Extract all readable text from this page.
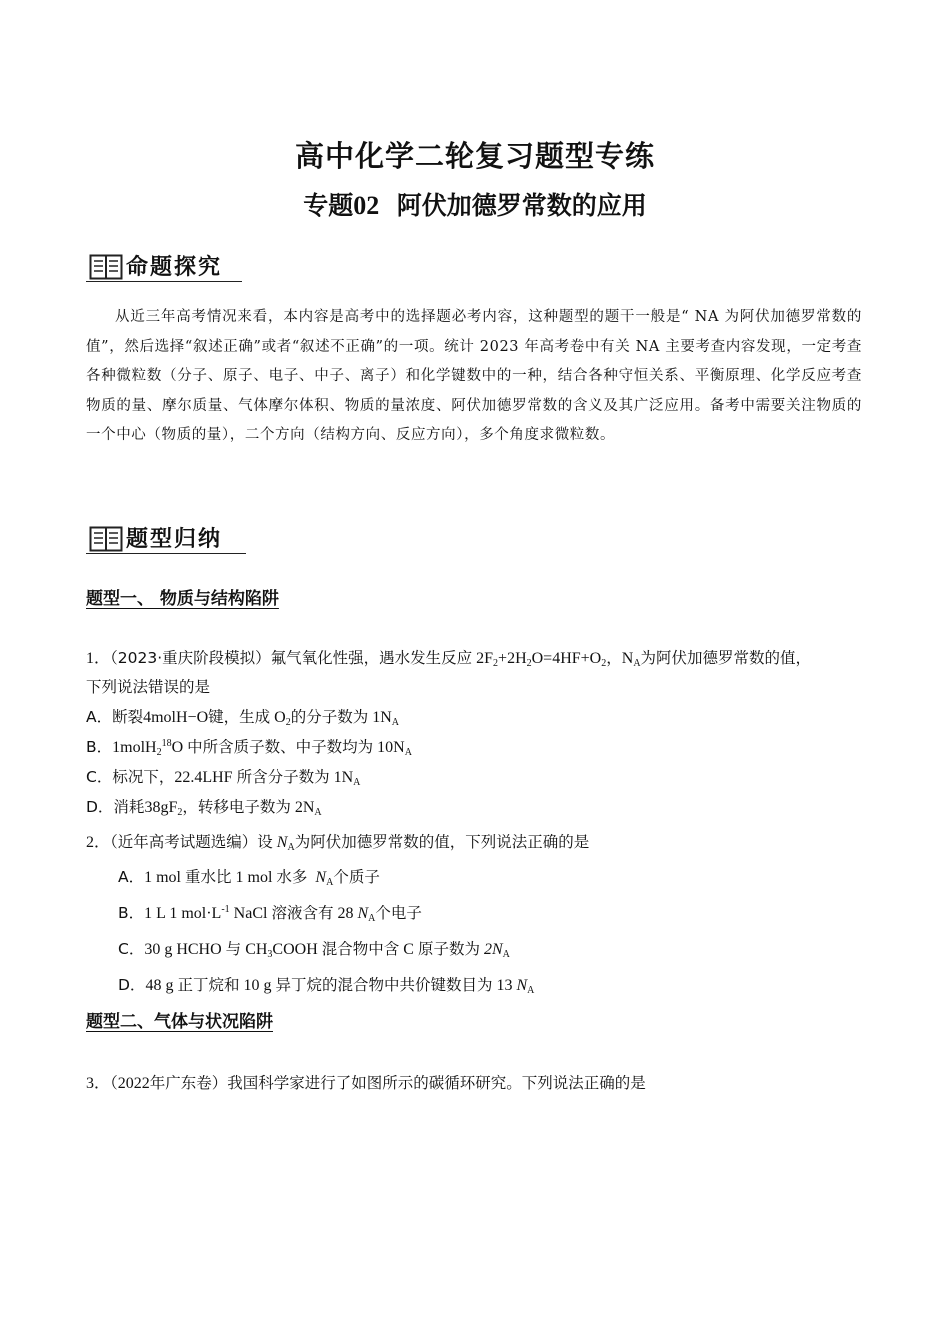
高中化学二轮复习题型专练
专题02 阿伏加德罗常数的应用
命题探究
从近三年高考情况来看，本内容是高考中的选择题必考内容，这种题型的题干一般是“ NA 为阿伏加德罗常数的值”，然后选择“叙述正确”或者“叙述不正确”的一项。统计 2023 年高考卷中有关 NA 主要考查内容发现，一定考查各种微粒数（分子、原子、电子、中子、离子）和化学键数中的一种，结合各种守恒关系、平衡原理、化学反应考查物质的量、摩尔质量、气体摩尔体积、物质的量浓度、阿伏加德罗常数的含义及其广泛应用。备考中需要关注物质的一个中心（物质的量），二个方向（结构方向、反应方向），多个角度求微粒数。
题型归纳
题型一、 物质与结构陷阱
1．（2023·重庆阶段模拟）氟气氧化性强，遇水发生反应 $2F_2+2H_2O=4HF+O_2$，$N_A$为阿伏加德罗常数的值，
下列说法错误的是
A．断裂4molH−O键，生成 $O_2$的分子数为 $1N_A$
B．1molH$_2^{18}$O 中所含质子数、中子数均为 $10N_A$
C．标况下，22.4LHF 所含分子数为 $1N_A$
D．消耗$38gF_2$，转移电子数为 $2N_A$
2．（近年高考试题选编）设 $N_A$为阿伏加德罗常数的值，下列说法正确的是
A．1 mol 重水比 1 mol 水多 $N_A$个质子
B．1 L 1 $mol\cdot L^{-1}$ NaCl 溶液含有 28 $N_A$个电子
C．30 g HCHO 与 $CH_3COOH$ 混合物中含 C 原子数为 $2N_A$
D．48 g 正丁烷和 10 g 异丁烷的混合物中共价键数目为 13 $N_A$
题型二、气体与状况陷阱
3．（2022年广东卷）我国科学家进行了如图所示的碳循环研究。下列说法正确的是
